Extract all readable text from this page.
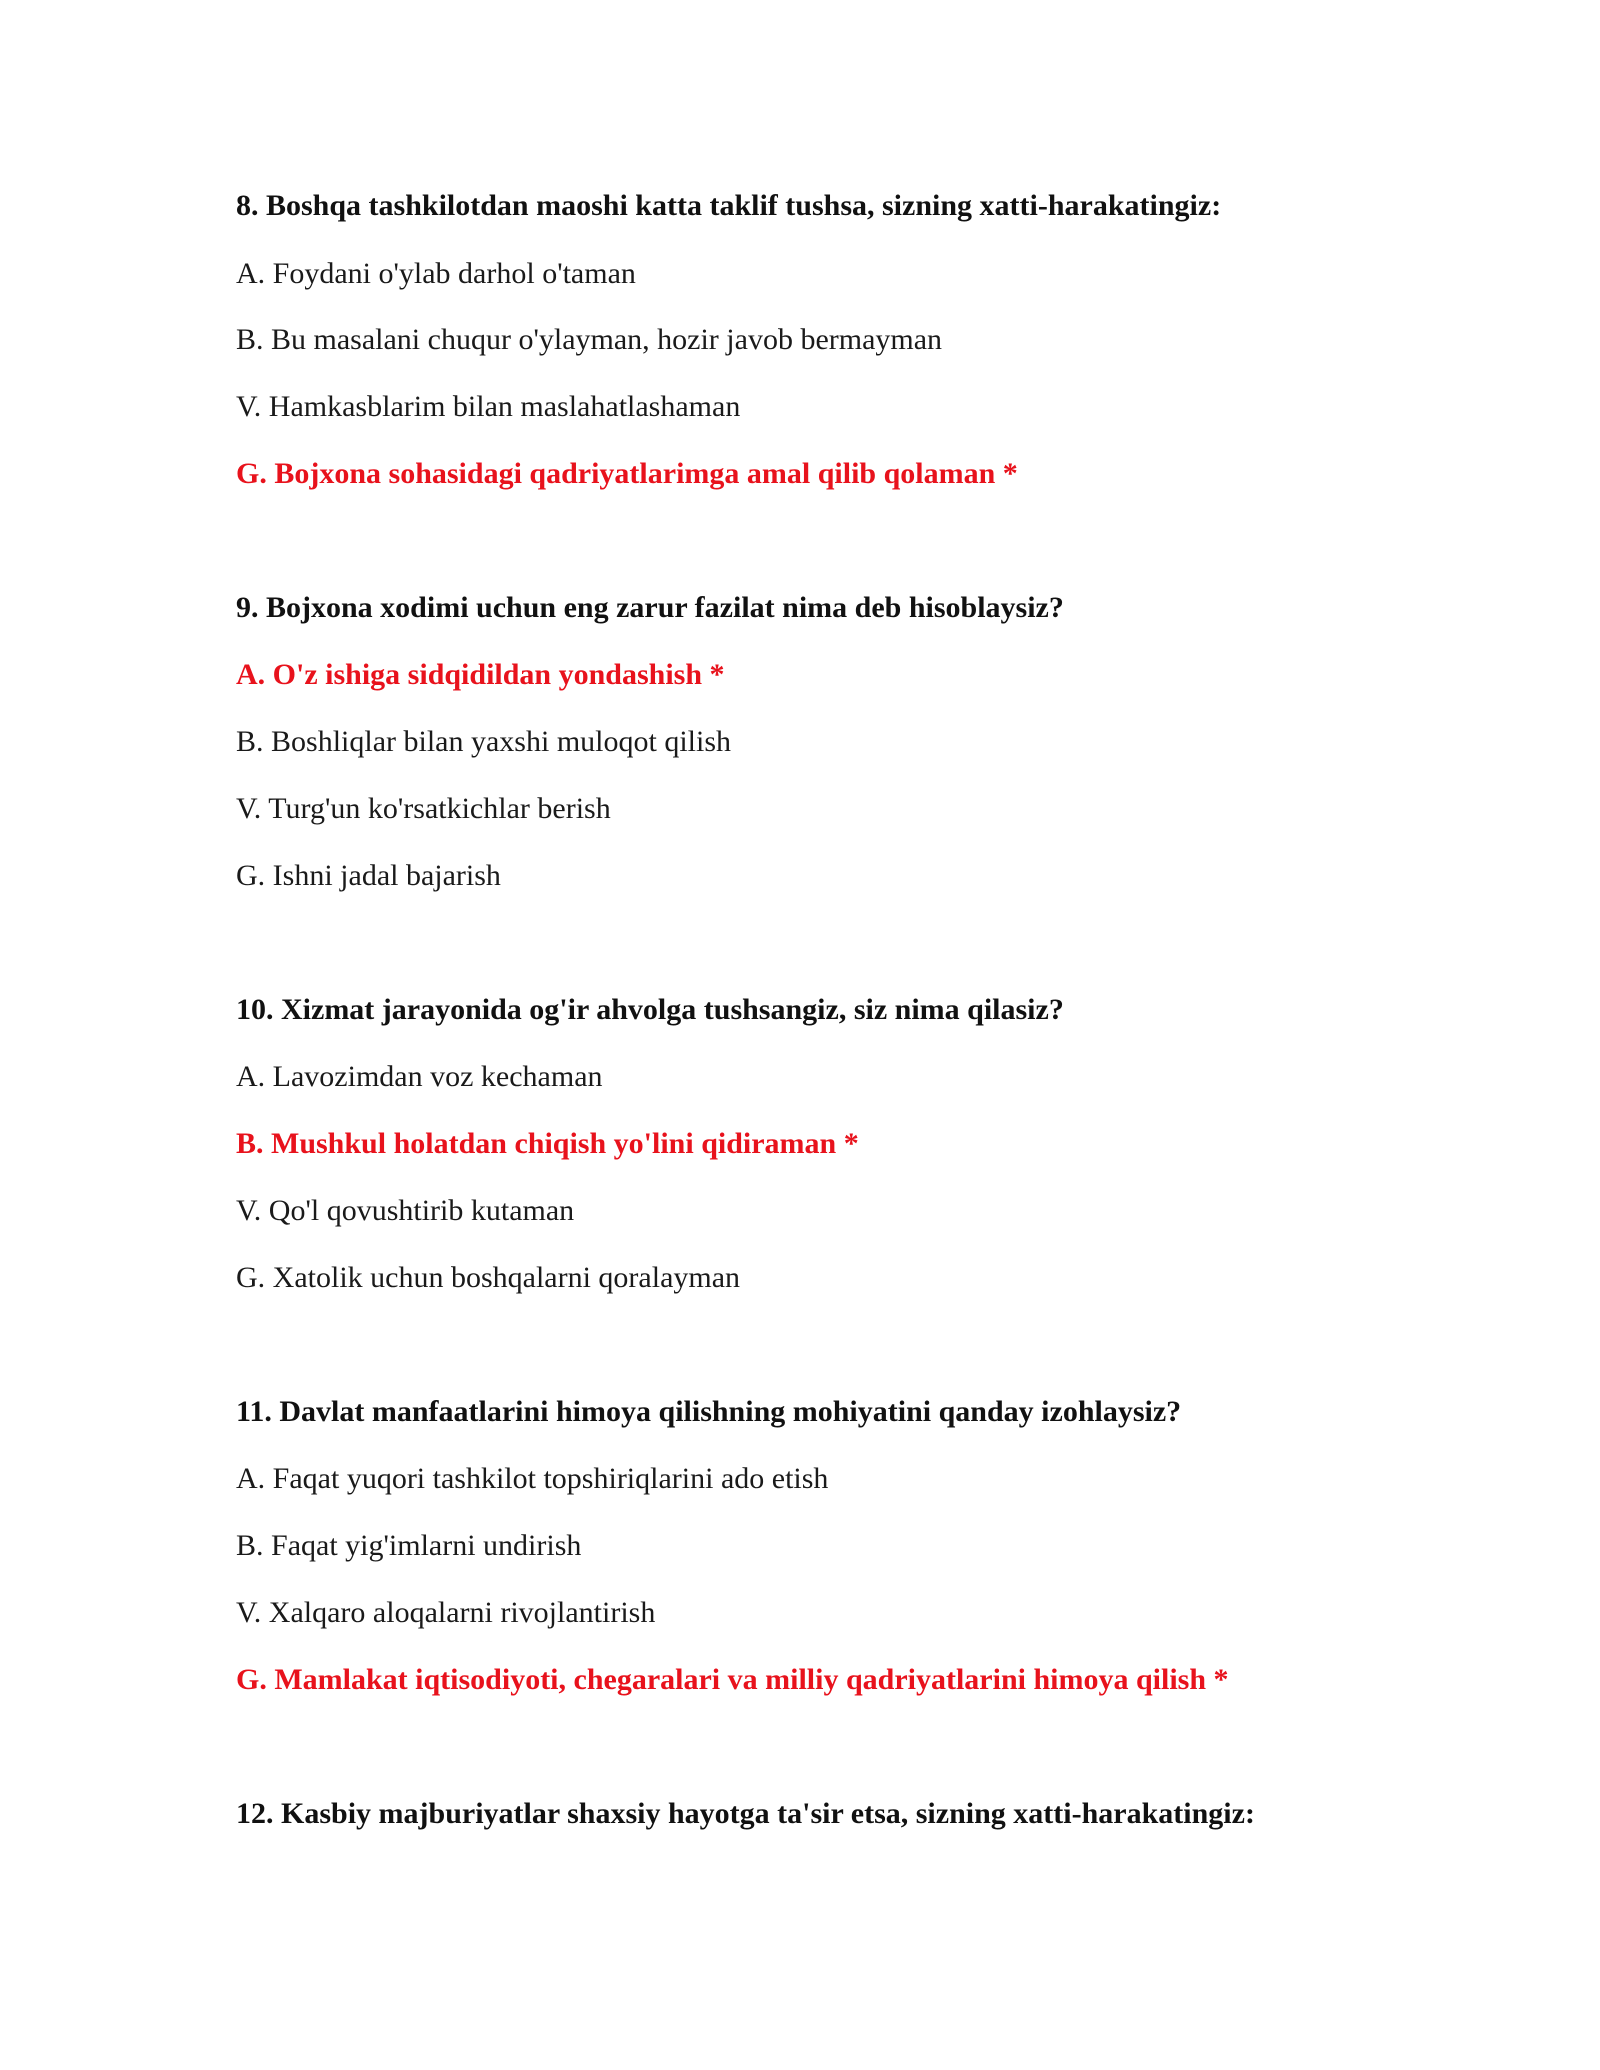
8. Boshqa tashkilotdan maoshi katta taklif tushsa, sizning xatti-harakatingiz:
A. Foydani o'ylab darhol o'taman
B. Bu masalani chuqur o'ylayman, hozir javob bermayman
V. Hamkasblarim bilan maslahatlashaman
G. Bojxona sohasidagi qadriyatlarimga amal qilib qolaman *
9. Bojxona xodimi uchun eng zarur fazilat nima deb hisoblaysiz?
A. O'z ishiga sidqidildan yondashish *
B. Boshliqlar bilan yaxshi muloqot qilish
V. Turg'un ko'rsatkichlar berish
G. Ishni jadal bajarish
10. Xizmat jarayonida og'ir ahvolga tushsangiz, siz nima qilasiz?
A. Lavozimdan voz kechaman
B. Mushkul holatdan chiqish yo'lini qidiraman *
V. Qo'l qovushtirib kutaman
G. Xatolik uchun boshqalarni qoralayman
11. Davlat manfaatlarini himoya qilishning mohiyatini qanday izohlaysiz?
A. Faqat yuqori tashkilot topshiriqlarini ado etish
B. Faqat yig'imlarni undirish
V. Xalqaro aloqalarni rivojlantirish
G. Mamlakat iqtisodiyoti, chegaralari va milliy qadriyatlarini himoya qilish *
12. Kasbiy majburiyatlar shaxsiy hayotga ta'sir etsa, sizning xatti-harakatingiz:
